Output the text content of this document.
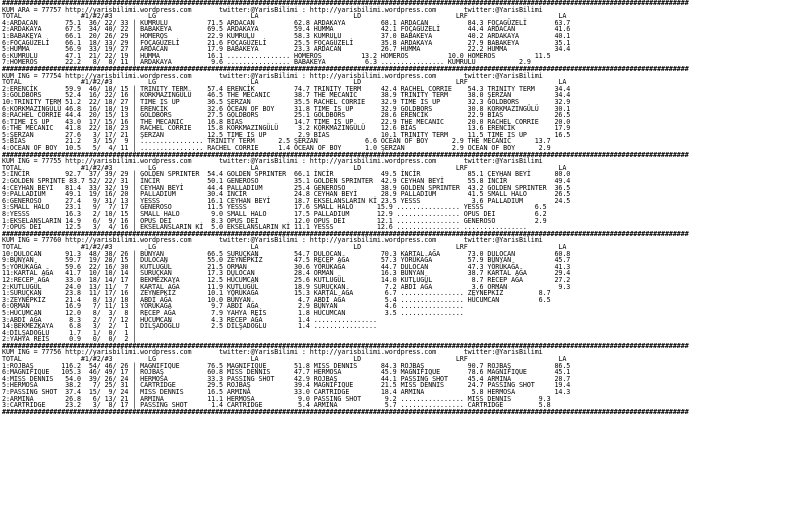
##############################################################################################################################################################################
KUM ARA = 77757 http://yarisbilimi.wordpress.com       twitter:@YarisBilimi : http://yarisbilimi.wordpress.com       twitter:@YarisBilimi
TOTAL               #1/#2/#3         LG                        LA                        LD                        LRF                       LA
4:ARDACAN       75.1  36/ 22/ 33 | KUMRULU          71.5 ARDACAN          62.8 ARDAKAYA         68.1 ARDACAN          84.3 FOÇAGÜZELİ       63.7
2:ARDAKAYA      67.5  34/ 40/ 22 | BABAKEYA         69.5 ARDAKAYA         59.4 HUMMA            42.1 FOÇAGÜZELİ       44.4 ARDACAN          41.6
1:BABAKEYA      66.1  20/ 26/ 29 | HOMEROS          22.9 KUMRULU          58.3 KUMRULU          37.0 BABAKEYA         40.2 ARDAKAYA         40.1
6:FOÇAGÜZELİ    66.1  18/ 33/ 29 | FOÇAGÜZELİ       21.6 FOÇAGÜZELİ       25.5 FOÇAGÜZELİ       35.8 ARDAKAYA         27.9 BABAKEYA         35.1
5:HUMMA         56.9  33/ 19/ 27 | ARDACAN          17.9 BABAKEYA         23.3 ARDACAN          26.7 HUMMA            22.2 HUMMA            34.4
6:KUMRULU       47.1  21/ 22/ 19 | HUMMA            16.1 ................ HOMEROS          13.2 HOMEROS          10.0 HOMEROS          11.5
7:HOMEROS       22.2   8/  8/ 11 | ARDAKAYA          9.6 ................ BABAKEYA          6.3 ................ KUMRULU           2.9
##############################################################################################################################################################################
KUM ING = 77754 http://yarisbilimi.wordpress.com       twitter:@YarisBilimi : http://yarisbilimi.wordpress.com       twitter:@YarisBilimi
TOTAL               #1/#2/#3         LG                        LA                        LD                        LRF                       LA
2:ERENCİK       59.9  46/ 18/ 15 | TRINITY TERM     57.4 ERENCİK          74.7 TRINITY TERM     42.4 RACHEL CORRIE    54.3 TRINITY TERM     34.4
3:GOLDBORS      52.4  16/ 22/ 16 | KORKMAZINGÜLÜ    46.5 THE MECANIC      38.7 THE MECANIC      38.9 TRINITY TERM     38.0 ŞERZAN           34.4
10:TRINITY TERM 51.2  22/ 18/ 27 | TIME IS UP       36.5 ŞERZAN           35.5 RACHEL CORRIE    32.9 TIME IS UP       32.3 GOLDBORS         32.9
6:KORKMAZINGÜLÜ 46.8  16/ 18/ 19 | ERENCİK          32.6 OCEAN OF BOY     31.8 TIME IS UP       32.9 GOLDBORS         30.8 KORKMAZINGÜLÜ    30.1
8:RACHEL CORRIE 44.4  20/ 15/ 13 | GOLDBORS         27.5 GOLDBORS         25.1 GOLDBORS         28.6 ERENCİK          22.9 BİAS             26.5
6:TIME IS UP    43.0  17/ 15/ 16 | THE MECANIC      16.8 BİAS             14.7 TIME IS UP       22.9 THE MECANIC      20.0 RACHEL CORRIE    20.0
6:THE MECANIC   41.8  22/ 18/ 23 | RACHEL CORRIE    15.8 KORKMAZINGÜLÜ     3.2 KORKMAZINGÜLÜ    12.6 BİAS             13.6 ERENCİK          17.9
5:ŞERZAN        27.6   3/ 17/ 21 | ŞERZAN           12.5 TIME IS UP        2.9 BİAS             10.1 TRINITY TERM     11.5 TIME IS UP       16.5
5:BİAS          21.2   3/ 15/  9 | ................ TRINITY TERM      2.5 ŞERZAN            6.6 OCEAN OF BOY      2.9 THE MECANIC      13.7
4:OCEAN OF BOY  10.5   5/  4/ 11 | ................ RACHEL CORRIE     1.4 OCEAN OF BOY      1.0 ŞERZAN            2.9 OCEAN OF BOY      2.9
##############################################################################################################################################################################
KUM ING = 77755 http://yarisbilimi.wordpress.com       twitter:@YarisBilimi : http://yarisbilimi.wordpress.com       twitter:@YarisBilimi
TOTAL               #1/#2/#3         LG                        LA                        LD                        LRF                       LA
5:İNCİR         92.7  37/ 39/ 29 | GOLDEN SPRINTER  54.4 GOLDEN SPRINTER  66.1 İNCİR            49.5 İNCİR            85.1 CEYHAN BEYİ      80.0
2:GOLDEN SPRINTE 83.7 52/ 22/ 31 | İNCİR            50.1 GENEROSO         35.1 GOLDEN SPRINTER  42.9 CEYHAN BEYİ      55.8 İNCİR            49.4
4:CEYHAN BEYİ   81.4  33/ 32/ 19 | CEYHAN BEYİ      44.4 PALLADIUM        25.4 GENEROSO         38.9 GOLDEN SPRINTER  43.2 GOLDEN SPRINTER  36.5
9:PALLADIUM     49.1  19/ 16/ 20 | PALLADIUM        30.4 İNCİR            24.8 CEYHAN BEYİ      28.9 PALLADIUM        41.5 SMALL HALO       26.5
6:GENEROSO      27.4   9/ 31/ 13 | YESSS            16.1 CEYHAN BEYİ      18.7 EKSELANSLARIN Kİ 23.5 YESSS             3.6 PALLADIUM        24.5
3:SMALL HALO    23.1   9/  7/ 17 | GENEROSO         11.5 YESSS            17.6 SMALL HALO      15.9 ................ YESSS             6.5
8:YESSS         16.3   2/ 10/ 15 | SMALL HALO        9.0 SMALL HALO       17.5 PALLADIUM       12.9 ................ OPUS DEI          6.2
1:EKSELANSLARIN 14.9   6/  9/ 16 | OPUS DEI          8.3 OPUS DEI         12.0 OPUS DEI        12.1 ................ GENEROSO          2.9
7:OPUS DEI      12.5   3/  4/ 16 | EKSELANSLARIN Kİ  5.0 EKSELANSLARIN Kİ 11.1 YESSS           12.6 ................ ................
##############################################################################################################################################################################
KUM ING = 77760 http://yarisbilimi.wordpress.com       twitter:@YarisBilimi : http://yarisbilimi.wordpress.com       twitter:@YarisBilimi
TOTAL               #1/#2/#3         LG                        LA                        LD                        LRF                       LA
10:DULOCAN      91.3  48/ 38/ 26 | BÜNYAN           66.5 SURUÇKAN         54.7 DULOCAN          70.3 KARTAL AĞA       73.0 DULOCAN          60.8
9:BÜNYAN        59.7  19/ 28/ 15 | DULOCAN          55.0 ZEYNEPKİZ        47.5 RECEP AĞA        57.3 YÖRÜKAĞA         57.9 BÜNYAN           45.7
5:YÖRÜKAĞA      59.6  22/ 16/ 30 | KUTLUGÜL         21.5 ORMAN            30.6 YÖRÜKAĞA         44.7 DULOCAN          47.3 YÖRÜKAĞA         41.3
11:KARTAL AĞA   41.7  10/ 10/ 14 | SURUÇKAN         17.3 DULOCAN          28.4 ORMAN            16.3 BÜNYAN           38.7 KARTAL AĞA       29.4
12:RECEP AĞA    33.0  18/ 14/ 17 | BEKMEZKAYA       12.5 HÜCUMCAN         25.6 KUTLUGÜL         14.0 KUTLUGÜL          8.7 RECEP AĞA        27.2
2:KUTLUGÜL      24.0  13/ 11/  7 | KARTAL AĞA       11.9 KUTLUGÜL         18.9 SURUÇKAN          7.2 ABDİ AĞA          3.6 ORMAN             9.3
1:SURUÇKAN      23.8  11/ 17/ 16 | ZEYNEPKİZ        10.1 YÖRÜKAĞA         15.3 KARTAL AĞA        6.7 ................ ZEYNEPKİZ         8.7
3:ZEYNEPKİZ     21.4   8/ 13/ 18 | ABDİ AĞA         10.0 BÜNYAN            4.7 ABDİ AĞA          5.4 ................ HÜCUMCAN          6.5
6:ORMAN         16.9   7/ 11/ 13 | YÖRÜKAĞA          9.7 ABDİ AĞA          2.9 BÜNYAN            4.6 ................
5:HÜCUMCAN      12.0   8/  3/  8 | RECEP AĞA         7.9 YAHYA REİS        1.8 HÜCUMCAN          3.5 ................
3:ABDİ AĞA       8.3   2/  7/ 12 | HÜCUMCAN          4.3 RECEP AĞA         1.4 ................
14:BEKMEZKAYA    6.8   3/  2/  1 | DİLŞADOĞLU        2.5 DİLŞADOĞLU        1.4 ................
4:DİLŞADOĞLU     1.7   1/  0/  1 |
2:YAHYA REİS     0.9   0/  0/  2 |
##############################################################################################################################################################################
KUM ING = 77756 http://yarisbilimi.wordpress.com       twitter:@YarisBilimi : http://yarisbilimi.wordpress.com       twitter:@YarisBilimi
TOTAL               #1/#2/#3         LG                        LA                        LD                        LRF                       LA
1:ROJBAŞ       116.2  54/ 46/ 26 | MAGNIFIQUE       76.5 MAGNIFIQUE       51.8 MISS DENNIS      84.3 ROJBAŞ           90.7 ROJBAŞ           86.5
6:MAGNIFIQUE   105.3  46/ 49/ 17 | ROJBAŞ           60.8 MISS DENNIS      47.7 HERMOSA          45.9 MAGNIFIQUE       78.6 MAGNIFIQUE       45.1
4:MISS DENNIS   54.0  39/ 26/ 24 | HERMOSA          33.3 PASSING SHOT     42.9 ROJBAŞ           44.1 PASSING SHOT     45.4 ARMINA           28.7
5:HERMOSA       38.2   7/ 25/ 31 | CARTRIDGE        29.5 ROJBAŞ           39.4 MAGNIFIQUE       21.5 MISS DENNIS      24.7 PASSING SHOT     19.4
7:PASSING SHOT  37.4  15/  9/ 24 | MISS DENNIS      16.5 ARMINA           33.0 CARTRIDGE        18.4 ARMINA            5.8 HERMOSA          14.3
2:ARMINA        26.8   6/ 13/ 21 | ARMINA           11.1 HERMOSA           9.0 PASSING SHOT      9.2 ................ MISS DENNIS       9.3
3:CARTRIDGE     23.2   3/  8/ 17 | PASSING SHOT      1.4 CARTRIDGE         5.4 ARMINA            5.7 ................ CARTRIDGE         5.8
##############################################################################################################################################################################
